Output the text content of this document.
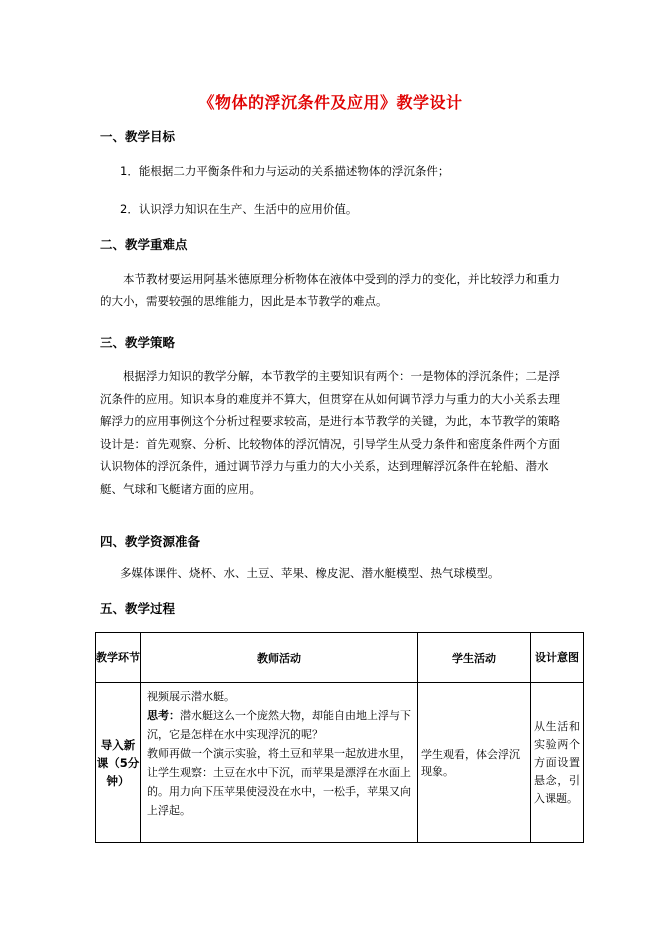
《物体的浮沉条件及应用》教学设计
一、教学目标
1．能根据二力平衡条件和力与运动的关系描述物体的浮沉条件；
2．认识浮力知识在生产、生活中的应用价值。
二、教学重难点
本节教材要运用阿基米德原理分析物体在液体中受到的浮力的变化，并比较浮力和重力的大小，需要较强的思维能力，因此是本节教学的难点。
三、教学策略
根据浮力知识的教学分解，本节教学的主要知识有两个：一是物体的浮沉条件；二是浮沉条件的应用。知识本身的难度并不算大，但贯穿在从如何调节浮力与重力的大小关系去理解浮力的应用事例这个分析过程要求较高，是进行本节教学的关键，为此，本节教学的策略设计是：首先观察、分析、比较物体的浮沉情况，引导学生从受力条件和密度条件两个方面认识物体的浮沉条件，通过调节浮力与重力的大小关系，达到理解浮沉条件在轮船、潜水艇、气球和飞艇诸方面的应用。
四、教学资源准备
多媒体课件、烧杯、水、土豆、苹果、橡皮泥、潜水艇模型、热气球模型。
五、教学过程
教学环节	教师活动	学生活动	设计意图
导入新课（5分钟）	视频展示潜水艇。
思考：潜水艇这么一个庞然大物，却能自由地上浮与下沉，它是怎样在水中实现浮沉的呢？
教师再做一个演示实验，将土豆和苹果一起放进水里，让学生观察：土豆在水中下沉，而苹果是漂浮在水面上的。用力向下压苹果使浸没在水中，一松手，苹果又向上浮起。	学生观看，体会浮沉现象。	从生活和实验两个方面设置悬念，引入课题。
